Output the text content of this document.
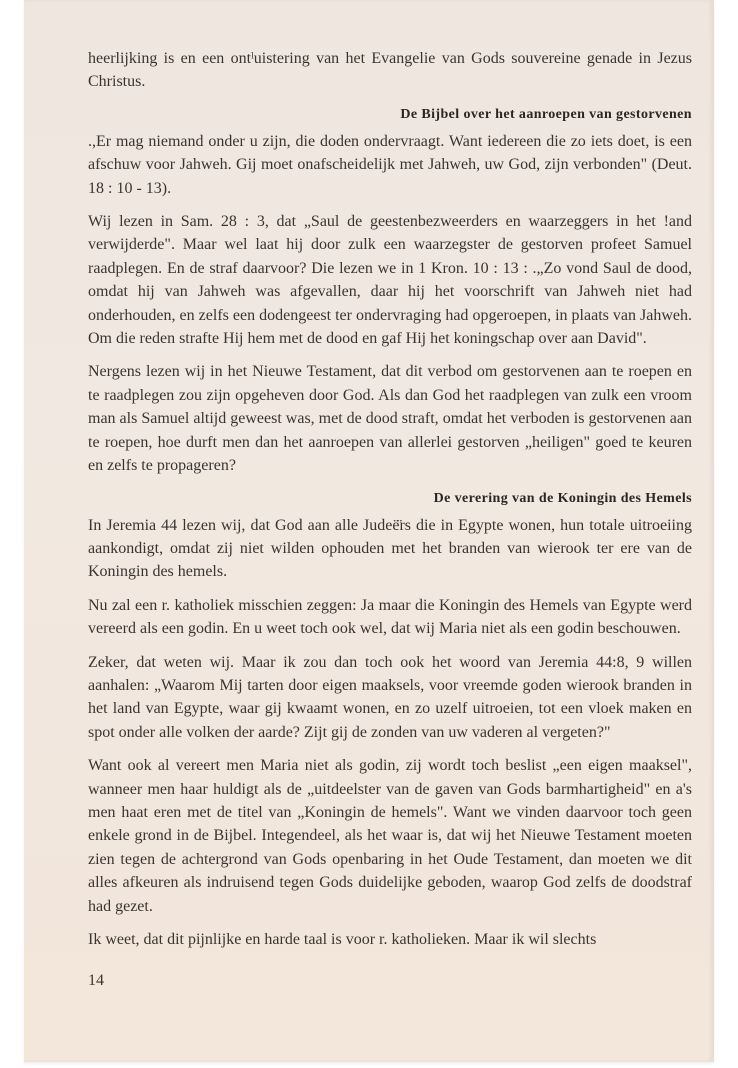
heerlijking is en een ontˡuistering van het Evangelie van Gods souvereine genade in Jezus Christus.

De Bijbel over het aanroepen van gestorvenen

.,Er mag niemand onder u zijn, die doden ondervraagt. Want iedereen die zo iets doet, is een afschuw voor Jahweh. Gij moet onafscheidelijk met Jahweh, uw God, zijn verbonden" (Deut. 18 : 10 - 13).

Wij lezen in Sam. 28 : 3, dat „Saul de geestenbezweerders en waarzeggers in het !and verwijderde". Maar wel laat hij door zulk een waarzegster de gestorven profeet Samuel raadplegen. En de straf daarvoor? Die lezen we in 1 Kron. 10 : 13 : .„Zo vond Saul de dood, omdat hij van Jahweh was afgevallen, daar hij het voorschrift van Jahweh niet had onderhouden, en zelfs een dodengeest ter ondervraging had opgeroepen, in plaats van Jahweh. Om die reden strafte Hij hem met de dood en gaf Hij het koningschap over aan David".

Nergens lezen wij in het Nieuwe Testament, dat dit verbod om gestorvenen aan te roepen en te raadplegen zou zijn opgeheven door God. Als dan God het raadplegen van zulk een vroom man als Samuel altijd geweest was, met de dood straft, omdat het verboden is gestorvenen aan te roepen, hoe durft men dan het aanroepen van allerlei gestorven „heiligen" goed te keuren en zelfs te propageren?

De verering van de Koningin des Hemels

In Jeremia 44 lezen wij, dat God aan alle Judeë̈rs die in Egypte wonen, hun totale uitroeiing aankondigt, omdat zij niet wilden ophouden met het branden van wierook ter ere van de Koningin des hemels.

Nu zal een r. katholiek misschien zeggen: Ja maar die Koningin des Hemels van Egypte werd vereerd als een godin. En u weet toch ook wel, dat wij Maria niet als een godin beschouwen.

Zeker, dat weten wij. Maar ik zou dan toch ook het woord van Jeremia 44:8, 9 willen aanhalen: „Waarom Mij tarten door eigen maaksels, voor vreemde goden wierook branden in het land van Egypte, waar gij kwaamt wonen, en zo uzelf uitroeien, tot een vloek maken en spot onder alle volken der aarde? Zijt gij de zonden van uw vaderen al vergeten?"

Want ook al vereert men Maria niet als godin, zij wordt toch beslist „een eigen maaksel", wanneer men haar huldigt als de „uitdeelster van de gaven van Gods barmhartigheid" en a's men haat eren met de titel van „Koningin de hemels". Want we vinden daarvoor toch geen enkele grond in de Bijbel. Integendeel, als het waar is, dat wij het Nieuwe Testament moeten zien tegen de achtergrond van Gods openbaring in het Oude Testament, dan moeten we dit alles afkeuren als indruisend tegen Gods duidelijke geboden, waarop God zelfs de doodstraf had gezet.

Ik weet, dat dit pijnlijke en harde taal is voor r. katholieken. Maar ik wil slechts

14
